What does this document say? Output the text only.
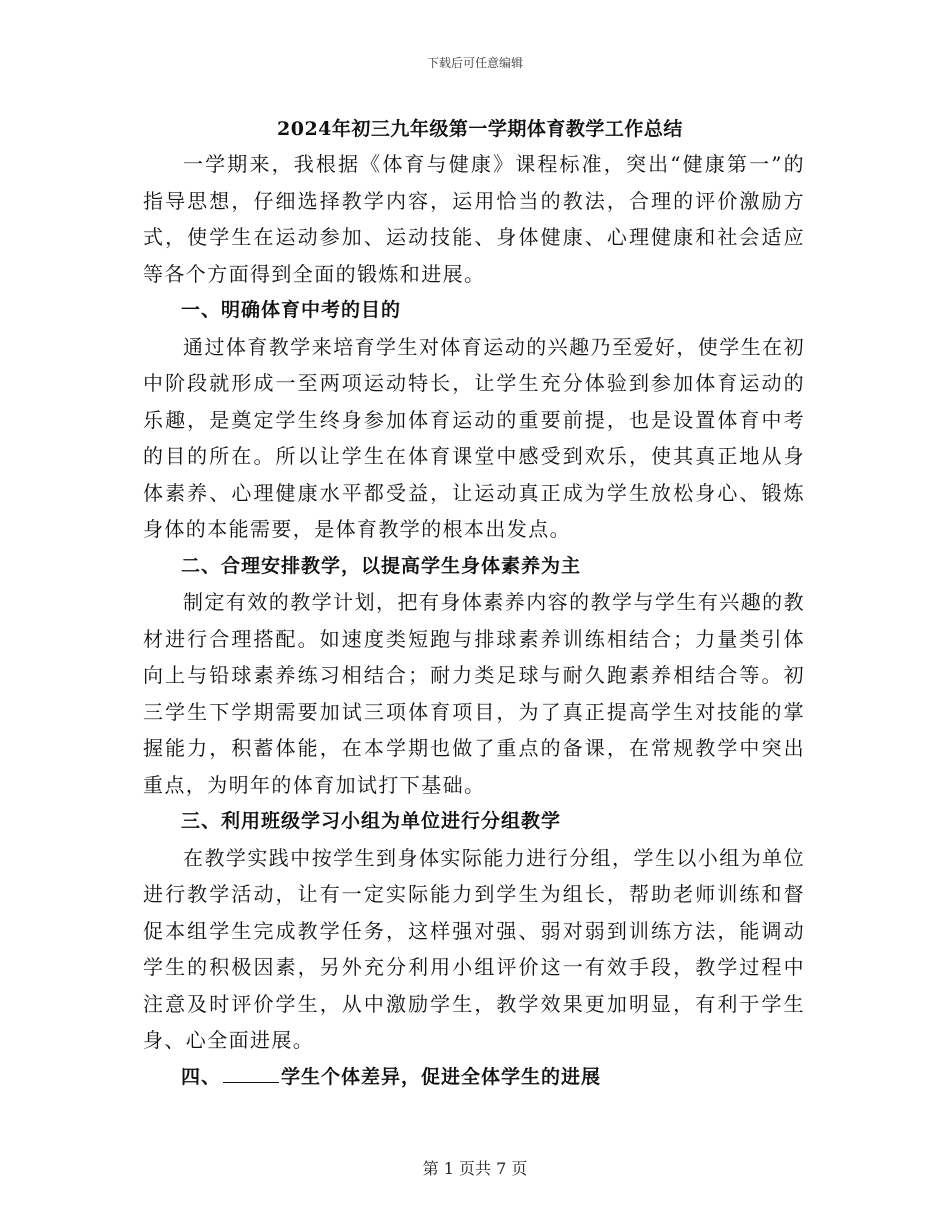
下载后可任意编辑
2024年初三九年级第一学期体育教学工作总结

一学期来，我根据《体育与健康》课程标准，突出“健康第一”的指导思想，仔细选择教学内容，运用恰当的教法，合理的评价激励方式，使学生在运动参加、运动技能、身体健康、心理健康和社会适应等各个方面得到全面的锻炼和进展。

一、明确体育中考的目的

通过体育教学来培育学生对体育运动的兴趣乃至爱好，使学生在初中阶段就形成一至两项运动特长，让学生充分体验到参加体育运动的乐趣，是奠定学生终身参加体育运动的重要前提，也是设置体育中考的目的所在。所以让学生在体育课堂中感受到欢乐，使其真正地从身体素养、心理健康水平都受益，让运动真正成为学生放松身心、锻炼身体的本能需要，是体育教学的根本出发点。

二、合理安排教学，以提高学生身体素养为主

制定有效的教学计划，把有身体素养内容的教学与学生有兴趣的教材进行合理搭配。如速度类短跑与排球素养训练相结合；力量类引体向上与铅球素养练习相结合；耐力类足球与耐久跑素养相结合等。初三学生下学期需要加试三项体育项目，为了真正提高学生对技能的掌握能力，积蓄体能，在本学期也做了重点的备课，在常规教学中突出重点，为明年的体育加试打下基础。

三、利用班级学习小组为单位进行分组教学

在教学实践中按学生到身体实际能力进行分组，学生以小组为单位进行教学活动，让有一定实际能力到学生为组长，帮助老师训练和督促本组学生完成教学任务，这样强对强、弱对弱到训练方法，能调动学生的积极因素，另外充分利用小组评价这一有效手段，教学过程中注意及时评价学生，从中激励学生，教学效果更加明显，有利于学生身、心全面进展。

四、	学生个体差异，促进全体学生的进展
第 1 页共 7 页
